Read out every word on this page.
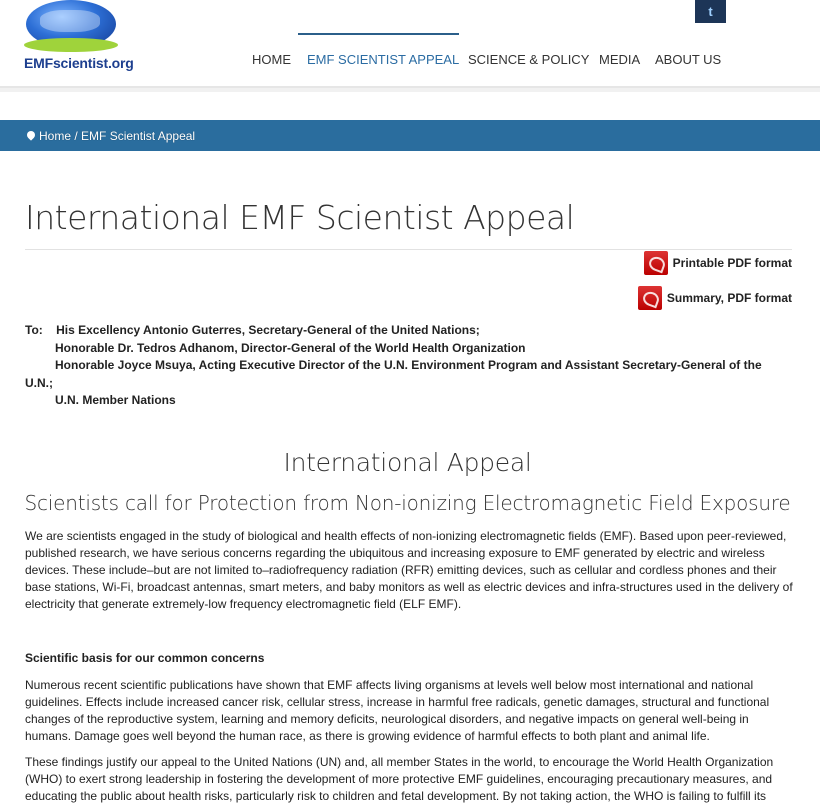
EMFscientist.org
t
HOME EMF SCIENTIST APPEAL SCIENCE & POLICY MEDIA ABOUT US
Home / EMF Scientist Appeal
International EMF Scientist Appeal
Printable PDF format
Summary, PDF format
To: His Excellency Antonio Guterres, Secretary-General of the United Nations;
Honorable Dr. Tedros Adhanom, Director-General of the World Health Organization
Honorable Joyce Msuya, Acting Executive Director of the U.N. Environment Program and Assistant Secretary-General of the
U.N.;
U.N. Member Nations
International Appeal
Scientists call for Protection from Non-ionizing Electromagnetic Field Exposure
We are scientists engaged in the study of biological and health effects of non-ionizing electromagnetic fields (EMF). Based upon peer-reviewed, published research, we have serious concerns regarding the ubiquitous and increasing exposure to EMF generated by electric and wireless devices. These include–but are not limited to–radiofrequency radiation (RFR) emitting devices, such as cellular and cordless phones and their base stations, Wi-Fi, broadcast antennas, smart meters, and baby monitors as well as electric devices and infra-structures used in the delivery of electricity that generate extremely-low frequency electromagnetic field (ELF EMF).
Scientific basis for our common concerns
Numerous recent scientific publications have shown that EMF affects living organisms at levels well below most international and national guidelines. Effects include increased cancer risk, cellular stress, increase in harmful free radicals, genetic damages, structural and functional changes of the reproductive system, learning and memory deficits, neurological disorders, and negative impacts on general well-being in humans. Damage goes well beyond the human race, as there is growing evidence of harmful effects to both plant and animal life.
These findings justify our appeal to the United Nations (UN) and, all member States in the world, to encourage the World Health Organization (WHO) to exert strong leadership in fostering the development of more protective EMF guidelines, encouraging precautionary measures, and educating the public about health risks, particularly risk to children and fetal development. By not taking action, the WHO is failing to fulfill its
